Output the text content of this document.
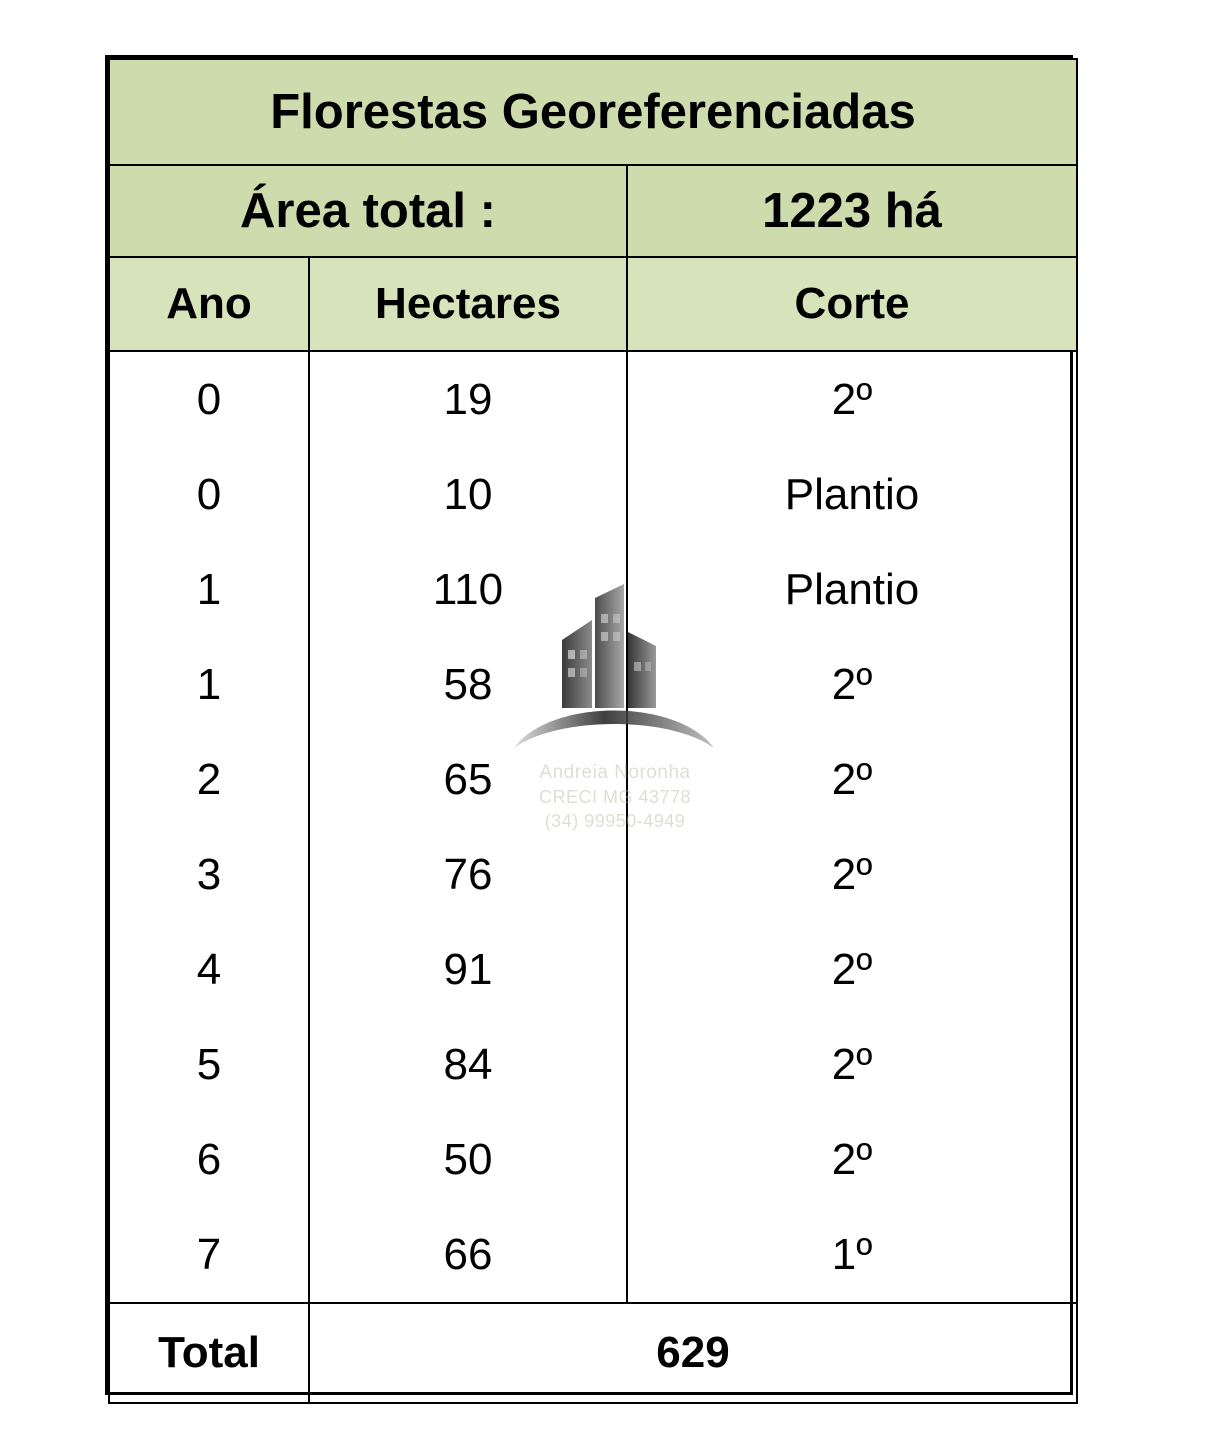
Florestas Georeferenciadas		
Área total :		1223 há
Ano	Hectares	Corte
0	19	2º
0	10	Plantio
1	110	Plantio
1	58	2º
2	65	2º
3	76	2º
4	91	2º
5	84	2º
6	50	2º
7	66	1º
Total	629	
Andreia Noronha
CRECI MG 43778
(34) 99950-4949
